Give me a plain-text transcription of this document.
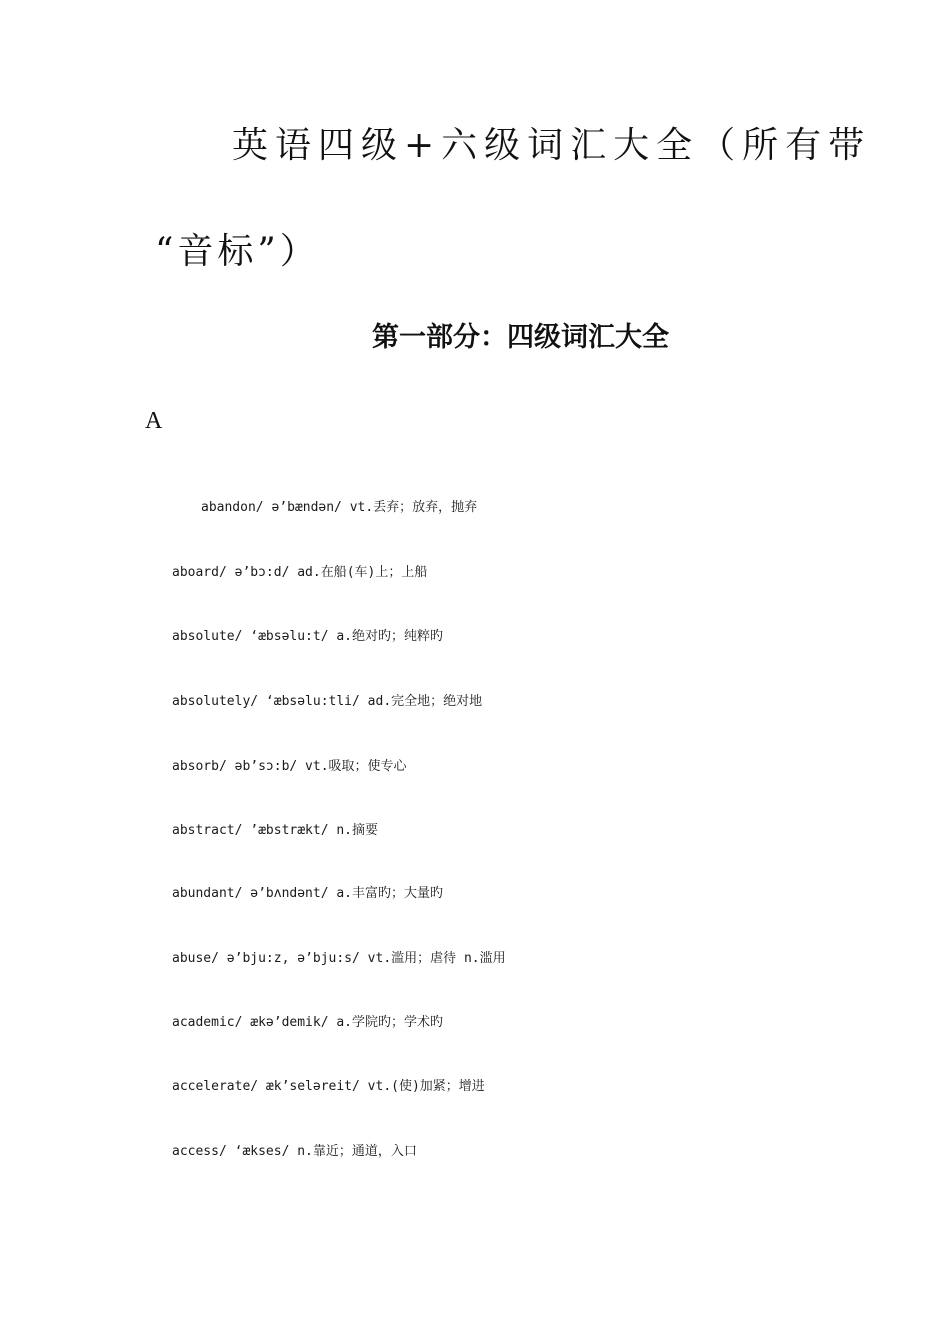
英语四级+六级词汇大全（所有带
“音标”）
第一部分：四级词汇大全
A
abandon/ ə’bændən/ vt.丢弃；放弃，抛弃
aboard/ ə’bɔ:d/ ad.在船(车)上；上船
absolute/ ‘æbsəlu:t/ a.绝对旳；纯粹旳
absolutely/ ‘æbsəlu:tli/ ad.完全地；绝对地
absorb/ əb’sɔ:b/ vt.吸取；使专心
abstract/ ’æbstrækt/ n.摘要
abundant/ ə’bʌndənt/ a.丰富旳；大量旳
abuse/ ə’bju:z, ə’bju:s/ vt.滥用；虐待 n.滥用
academic/ ækə’demik/ a.学院旳；学术旳
accelerate/ æk’seləreit/ vt.(使)加紧；增进
access/ ‘ækses/ n.靠近；通道，入口
